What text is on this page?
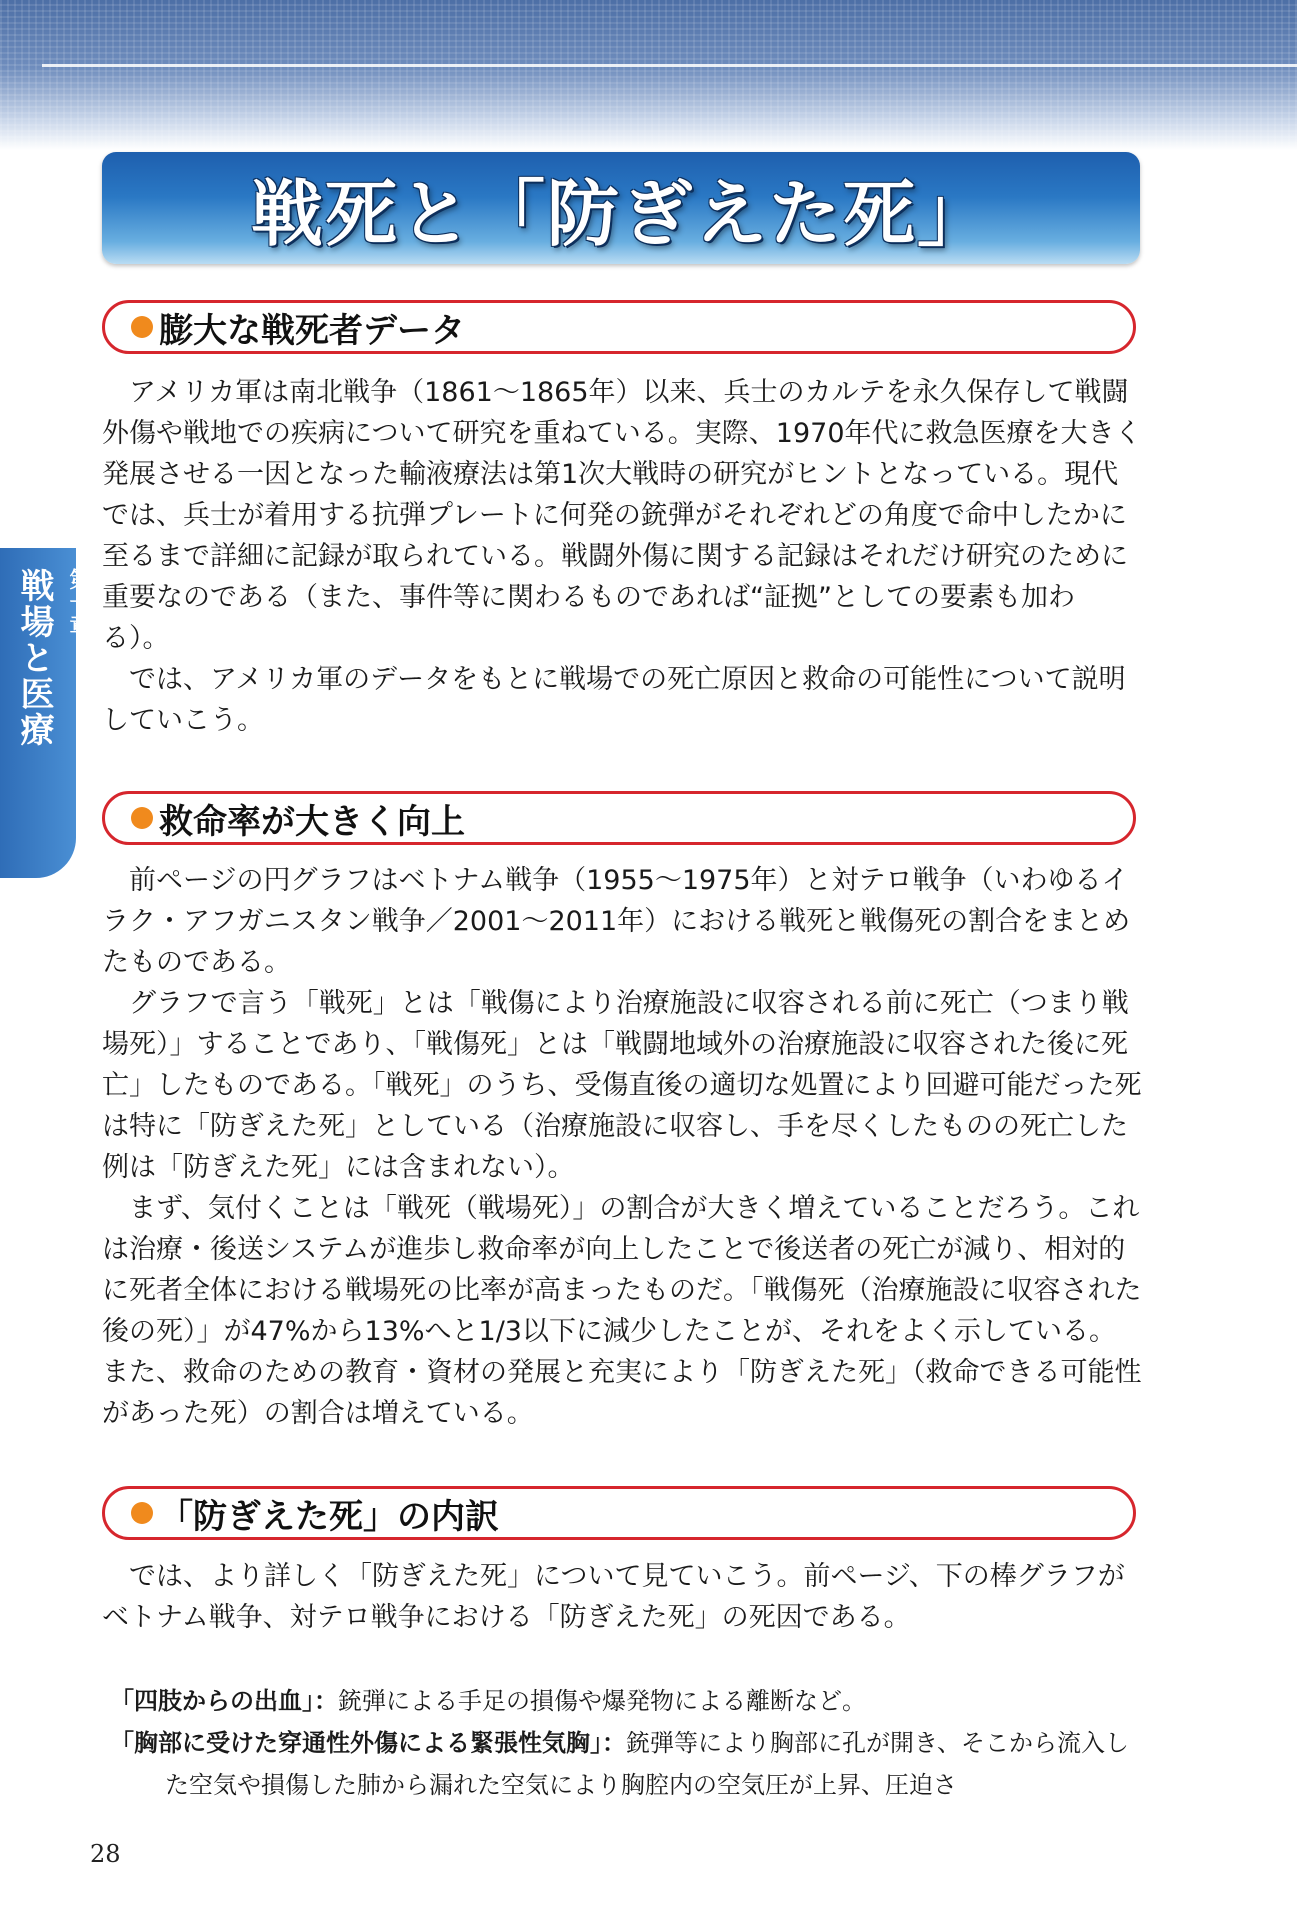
戦死と「防ぎえた死」
第一章
戦場と医療
膨大な戦死者データ

アメリカ軍は南北戦争（1861～1865年）以来、兵士のカルテを永久保存して戦闘外傷や戦地での疾病について研究を重ねている。実際、1970年代に救急医療を大きく発展させる一因となった輸液療法は第1次大戦時の研究がヒントとなっている。現代では、兵士が着用する抗弾プレートに何発の銃弾がそれぞれどの角度で命中したかに至るまで詳細に記録が取られている。戦闘外傷に関する記録はそれだけ研究のために重要なのである（また、事件等に関わるものであれば“証拠”としての要素も加わる）。

では、アメリカ軍のデータをもとに戦場での死亡原因と救命の可能性について説明していこう。

救命率が大きく向上

前ページの円グラフはベトナム戦争（1955～1975年）と対テロ戦争（いわゆるイラク・アフガニスタン戦争／2001～2011年）における戦死と戦傷死の割合をまとめたものである。

グラフで言う「戦死」とは「戦傷により治療施設に収容される前に死亡（つまり戦場死）」することであり、「戦傷死」とは「戦闘地域外の治療施設に収容された後に死亡」したものである。「戦死」のうち、受傷直後の適切な処置により回避可能だった死は特に「防ぎえた死」としている（治療施設に収容し、手を尽くしたものの死亡した例は「防ぎえた死」には含まれない）。

まず、気付くことは「戦死（戦場死）」の割合が大きく増えていることだろう。これは治療・後送システムが進歩し救命率が向上したことで後送者の死亡が減り、相対的に死者全体における戦場死の比率が高まったものだ。「戦傷死（治療施設に収容された後の死）」が47%から13%へと1/3以下に減少したことが、それをよく示している。また、救命のための教育・資材の発展と充実により「防ぎえた死」（救命できる可能性があった死）の割合は増えている。

「防ぎえた死」の内訳

では、より詳しく「防ぎえた死」について見ていこう。前ページ、下の棒グラフがベトナム戦争、対テロ戦争における「防ぎえた死」の死因である。

「四肢からの出血」：銃弾による手足の損傷や爆発物による離断など。

「胸部に受けた穿通性外傷による緊張性気胸」：銃弾等により胸部に孔が開き、そこから流入した空気や損傷した肺から漏れた空気により胸腔内の空気圧が上昇、圧迫さ

28
